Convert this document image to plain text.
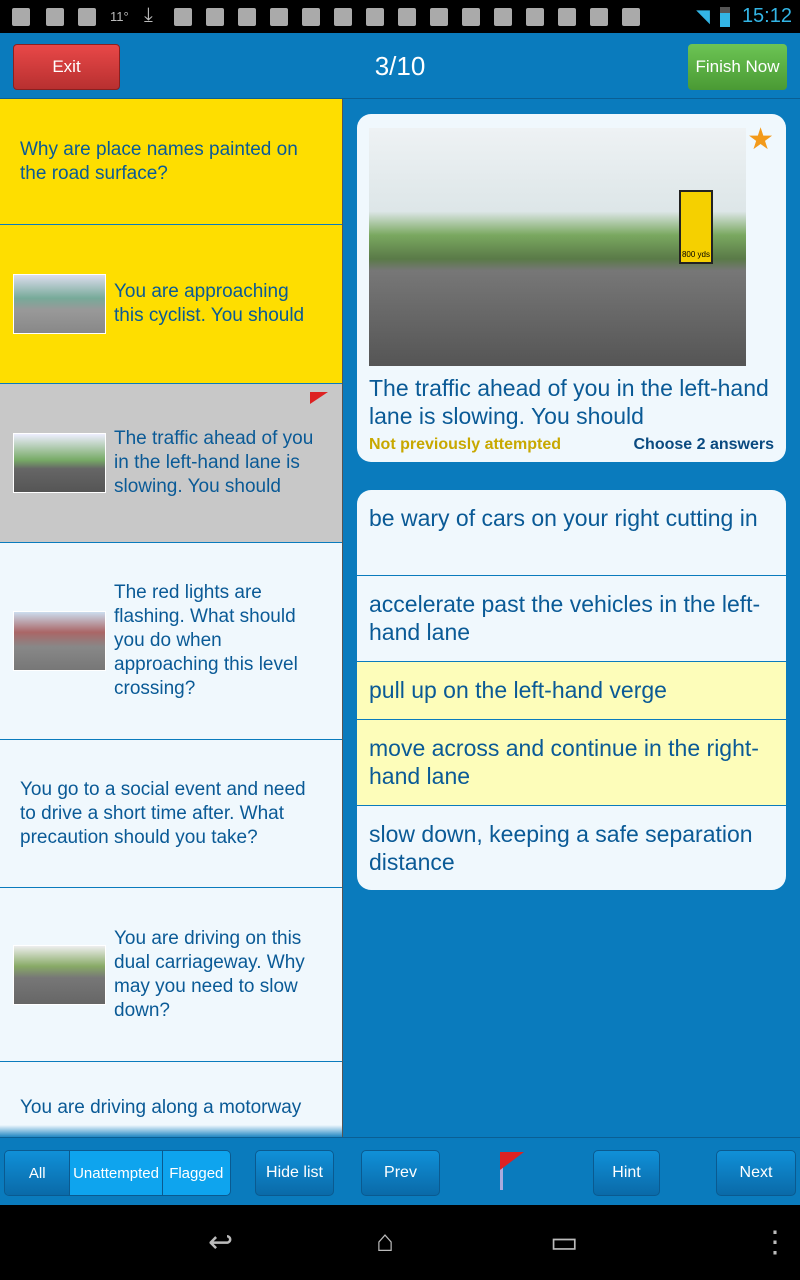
11° ⤓	◥ 15:12
Exit	3/10	Finish Now
Why are place names painted on the road surface?
You are approaching this cyclist. You should
The traffic ahead of you in the left-hand lane is slowing. You should
The red lights are flashing. What should you do when approaching this level crossing?
You go to a social event and need to drive a short time after. What precaution should you take?
You are driving on this dual carriageway. Why may you need to slow down?
You are driving along a motorway
800 yds
★
The traffic ahead of you in the left-hand lane is slowing. You should
Not previously attempted	Choose 2 answers
be wary of cars on your right cutting in
accelerate past the vehicles in the left-hand lane
pull up on the left-hand verge
move across and continue in the right-hand lane
slow down, keeping a safe separation distance
All	Unattempted Flagged	Hide list	Prev	Hint	Next
↩	⌂	▭	⋮
